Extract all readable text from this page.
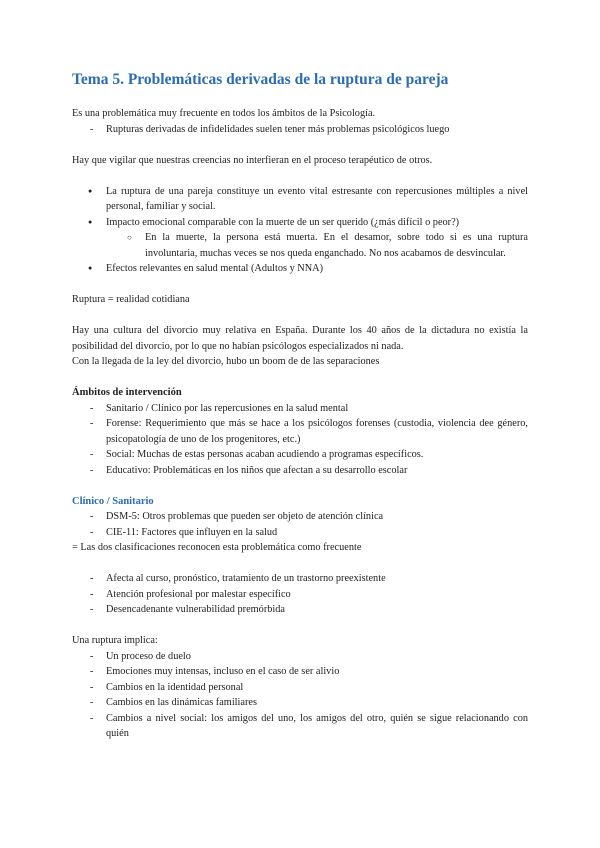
Tema 5. Problemáticas derivadas de la ruptura de pareja
Es una problemática muy frecuente en todos los ámbitos de la Psicología.
- Rupturas derivadas de infidelidades suelen tener más problemas psicológicos luego
Hay que vigilar que nuestras creencias no interfieran en el proceso terapéutico de otros.
● La ruptura de una pareja constituye un evento vital estresante con repercusiones múltiples a nivel personal, familiar y social.
● Impacto emocional comparable con la muerte de un ser querido (¿más difícil o peor?)
○ En la muerte, la persona está muerta. En el desamor, sobre todo si es una ruptura involuntaria, muchas veces se nos queda enganchado. No nos acabamos de desvincular.
● Efectos relevantes en salud mental (Adultos y NNA)
Ruptura = realidad cotidiana
Hay una cultura del divorcio muy relativa en España. Durante los 40 años de la dictadura no existía la posibilidad del divorcio, por lo que no habían psicólogos especializados ni nada.
Con la llegada de la ley del divorcio, hubo un boom de de las separaciones
Ámbitos de intervención
- Sanitario / Clínico por las repercusiones en la salud mental
- Forense: Requerimiento que más se hace a los psicólogos forenses (custodia, violencia dee género, psicopatología de uno de los progenitores, etc.)
- Social: Muchas de estas personas acaban acudiendo a programas específicos.
- Educativo: Problemáticas en los niños que afectan a su desarrollo escolar
Clínico / Sanitario
- DSM-5: Otros problemas que pueden ser objeto de atención clínica
- CIE-11: Factores que influyen en la salud
= Las dos clasificaciones reconocen esta problemática como frecuente
- Afecta al curso, pronóstico, tratamiento de un trastorno preexistente
- Atención profesional por malestar específico
- Desencadenante vulnerabilidad premórbida
Una ruptura implica:
- Un proceso de duelo
- Emociones muy intensas, incluso en el caso de ser alivio
- Cambios en la identidad personal
- Cambios en las dinámicas familiares
- Cambios a nivel social: los amigos del uno, los amigos del otro, quién se sigue relacionando con quién
